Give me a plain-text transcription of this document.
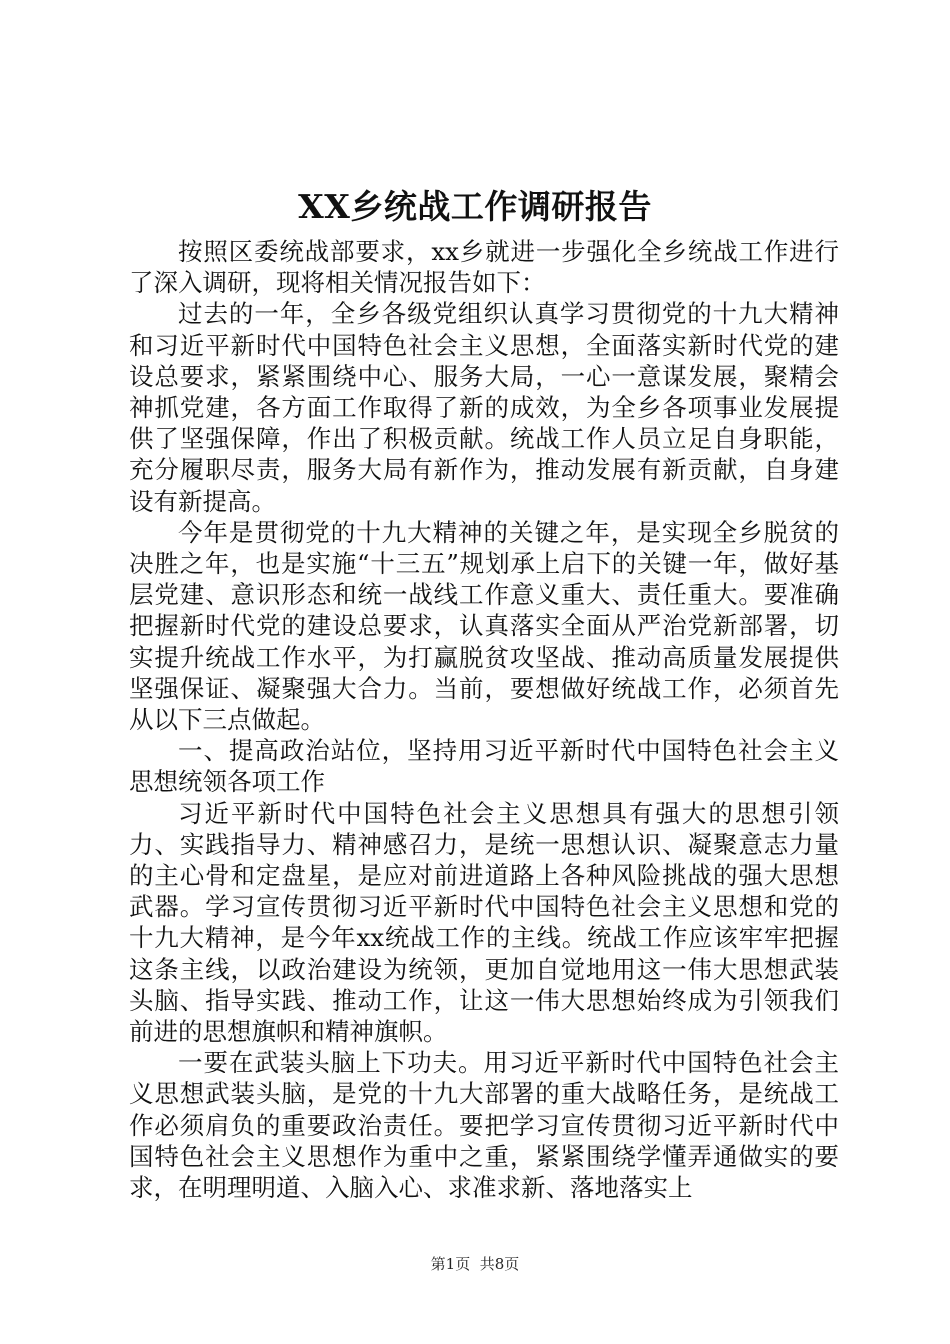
XX乡统战工作调研报告

按照区委统战部要求，xx乡就进一步强化全乡统战工作进行了深入调研，现将相关情况报告如下：

过去的一年，全乡各级党组织认真学习贯彻党的十九大精神和习近平新时代中国特色社会主义思想，全面落实新时代党的建设总要求，紧紧围绕中心、服务大局，一心一意谋发展，聚精会神抓党建，各方面工作取得了新的成效，为全乡各项事业发展提供了坚强保障，作出了积极贡献。统战工作人员立足自身职能，充分履职尽责，服务大局有新作为，推动发展有新贡献，自身建设有新提高。

今年是贯彻党的十九大精神的关键之年，是实现全乡脱贫的决胜之年，也是实施“十三五”规划承上启下的关键一年，做好基层党建、意识形态和统一战线工作意义重大、责任重大。要准确把握新时代党的建设总要求，认真落实全面从严治党新部署，切实提升统战工作水平，为打赢脱贫攻坚战、推动高质量发展提供坚强保证、凝聚强大合力。当前，要想做好统战工作，必须首先从以下三点做起。

一、提高政治站位，坚持用习近平新时代中国特色社会主义思想统领各项工作

习近平新时代中国特色社会主义思想具有强大的思想引领力、实践指导力、精神感召力，是统一思想认识、凝聚意志力量的主心骨和定盘星，是应对前进道路上各种风险挑战的强大思想武器。学习宣传贯彻习近平新时代中国特色社会主义思想和党的十九大精神，是今年xx统战工作的主线。统战工作应该牢牢把握这条主线，以政治建设为统领，更加自觉地用这一伟大思想武装头脑、指导实践、推动工作，让这一伟大思想始终成为引领我们前进的思想旗帜和精神旗帜。

一要在武装头脑上下功夫。用习近平新时代中国特色社会主义思想武装头脑，是党的十九大部署的重大战略任务，是统战工作必须肩负的重要政治责任。要把学习宣传贯彻习近平新时代中国特色社会主义思想作为重中之重，紧紧围绕学懂弄通做实的要求，在明理明道、入脑入心、求准求新、落地落实上

第1页 共8页
